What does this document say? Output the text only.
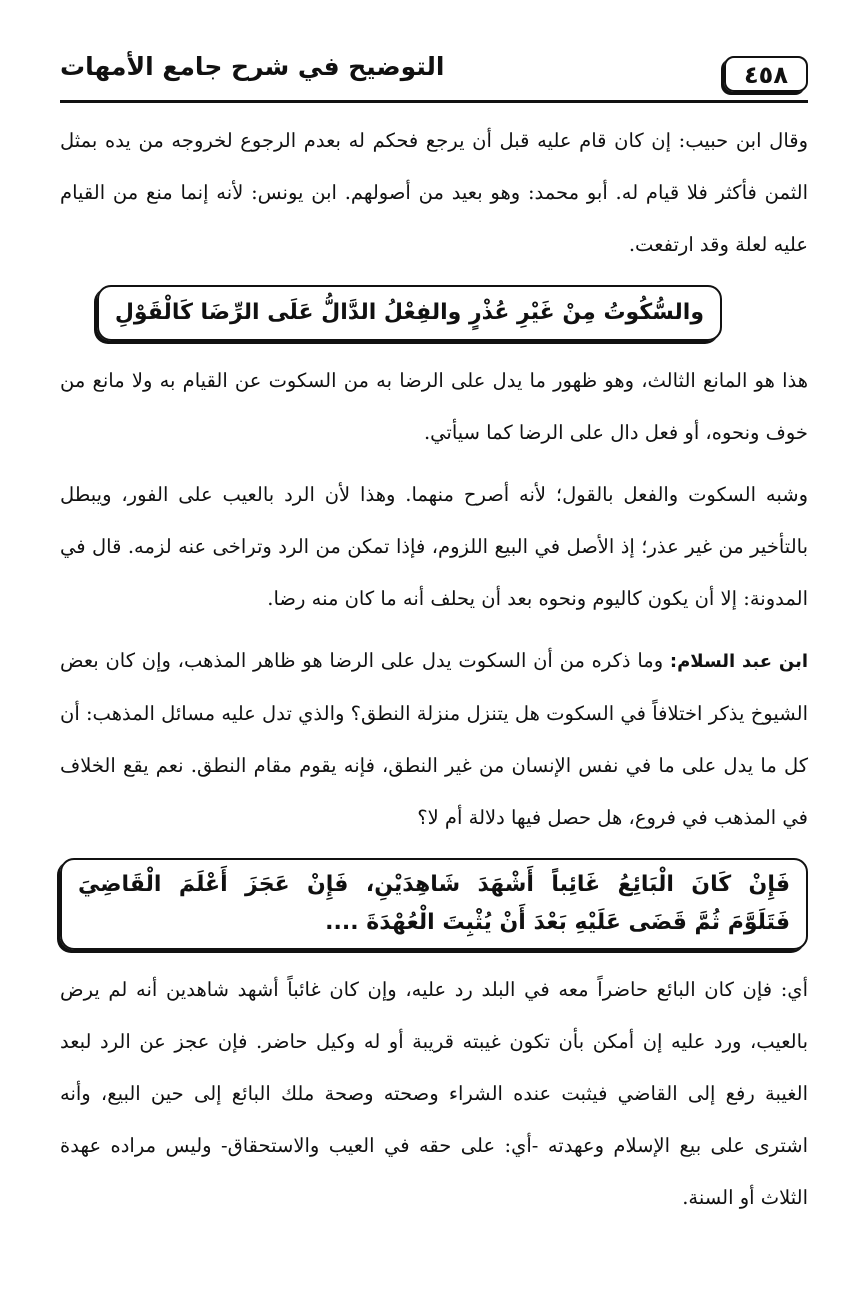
٤٥٨
التوضيح في شرح جامع الأمهات

وقال ابن حبيب: إن كان قام عليه قبل أن يرجع فحكم له بعدم الرجوع لخروجه من يده بمثل الثمن فأكثر فلا قيام له. أبو محمد: وهو بعيد من أصولهم. ابن يونس: لأنه إنما منع من القيام عليه لعلة وقد ارتفعت.

والسُّكُوتُ مِنْ غَيْرِ عُذْرٍ والفِعْلُ الدَّالُّ عَلَى الرِّضَا كَالْقَوْلِ

هذا هو المانع الثالث، وهو ظهور ما يدل على الرضا به من السكوت عن القيام به ولا مانع من خوف ونحوه، أو فعل دال على الرضا كما سيأتي.

وشبه السكوت والفعل بالقول؛ لأنه أصرح منهما. وهذا لأن الرد بالعيب على الفور، ويبطل بالتأخير من غير عذر؛ إذ الأصل في البيع اللزوم، فإذا تمكن من الرد وتراخى عنه لزمه. قال في المدونة: إلا أن يكون كاليوم ونحوه بعد أن يحلف أنه ما كان منه رضا.

ابن عبد السلام: وما ذكره من أن السكوت يدل على الرضا هو ظاهر المذهب، وإن كان بعض الشيوخ يذكر اختلافاً في السكوت هل يتنزل منزلة النطق؟ والذي تدل عليه مسائل المذهب: أن كل ما يدل على ما في نفس الإنسان من غير النطق، فإنه يقوم مقام النطق. نعم يقع الخلاف في المذهب في فروع، هل حصل فيها دلالة أم لا؟

فَإِنْ كَانَ الْبَائِعُ غَائِباً أَشْهَدَ شَاهِدَيْنِ، فَإِنْ عَجَزَ أَعْلَمَ الْقَاضِيَ
فَتَلَوَّمَ ثُمَّ قَضَى عَلَيْهِ بَعْدَ أَنْ يُثْبِتَ الْعُهْدَةَ ....

أي: فإن كان البائع حاضراً معه في البلد رد عليه، وإن كان غائباً أشهد شاهدين أنه لم يرض بالعيب، ورد عليه إن أمكن بأن تكون غيبته قريبة أو له وكيل حاضر. فإن عجز عن الرد لبعد الغيبة رفع إلى القاضي فيثبت عنده الشراء وصحته وصحة ملك البائع إلى حين البيع، وأنه اشترى على بيع الإسلام وعهدته -أي: على حقه في العيب والاستحقاق- وليس مراده عهدة الثلاث أو السنة.
